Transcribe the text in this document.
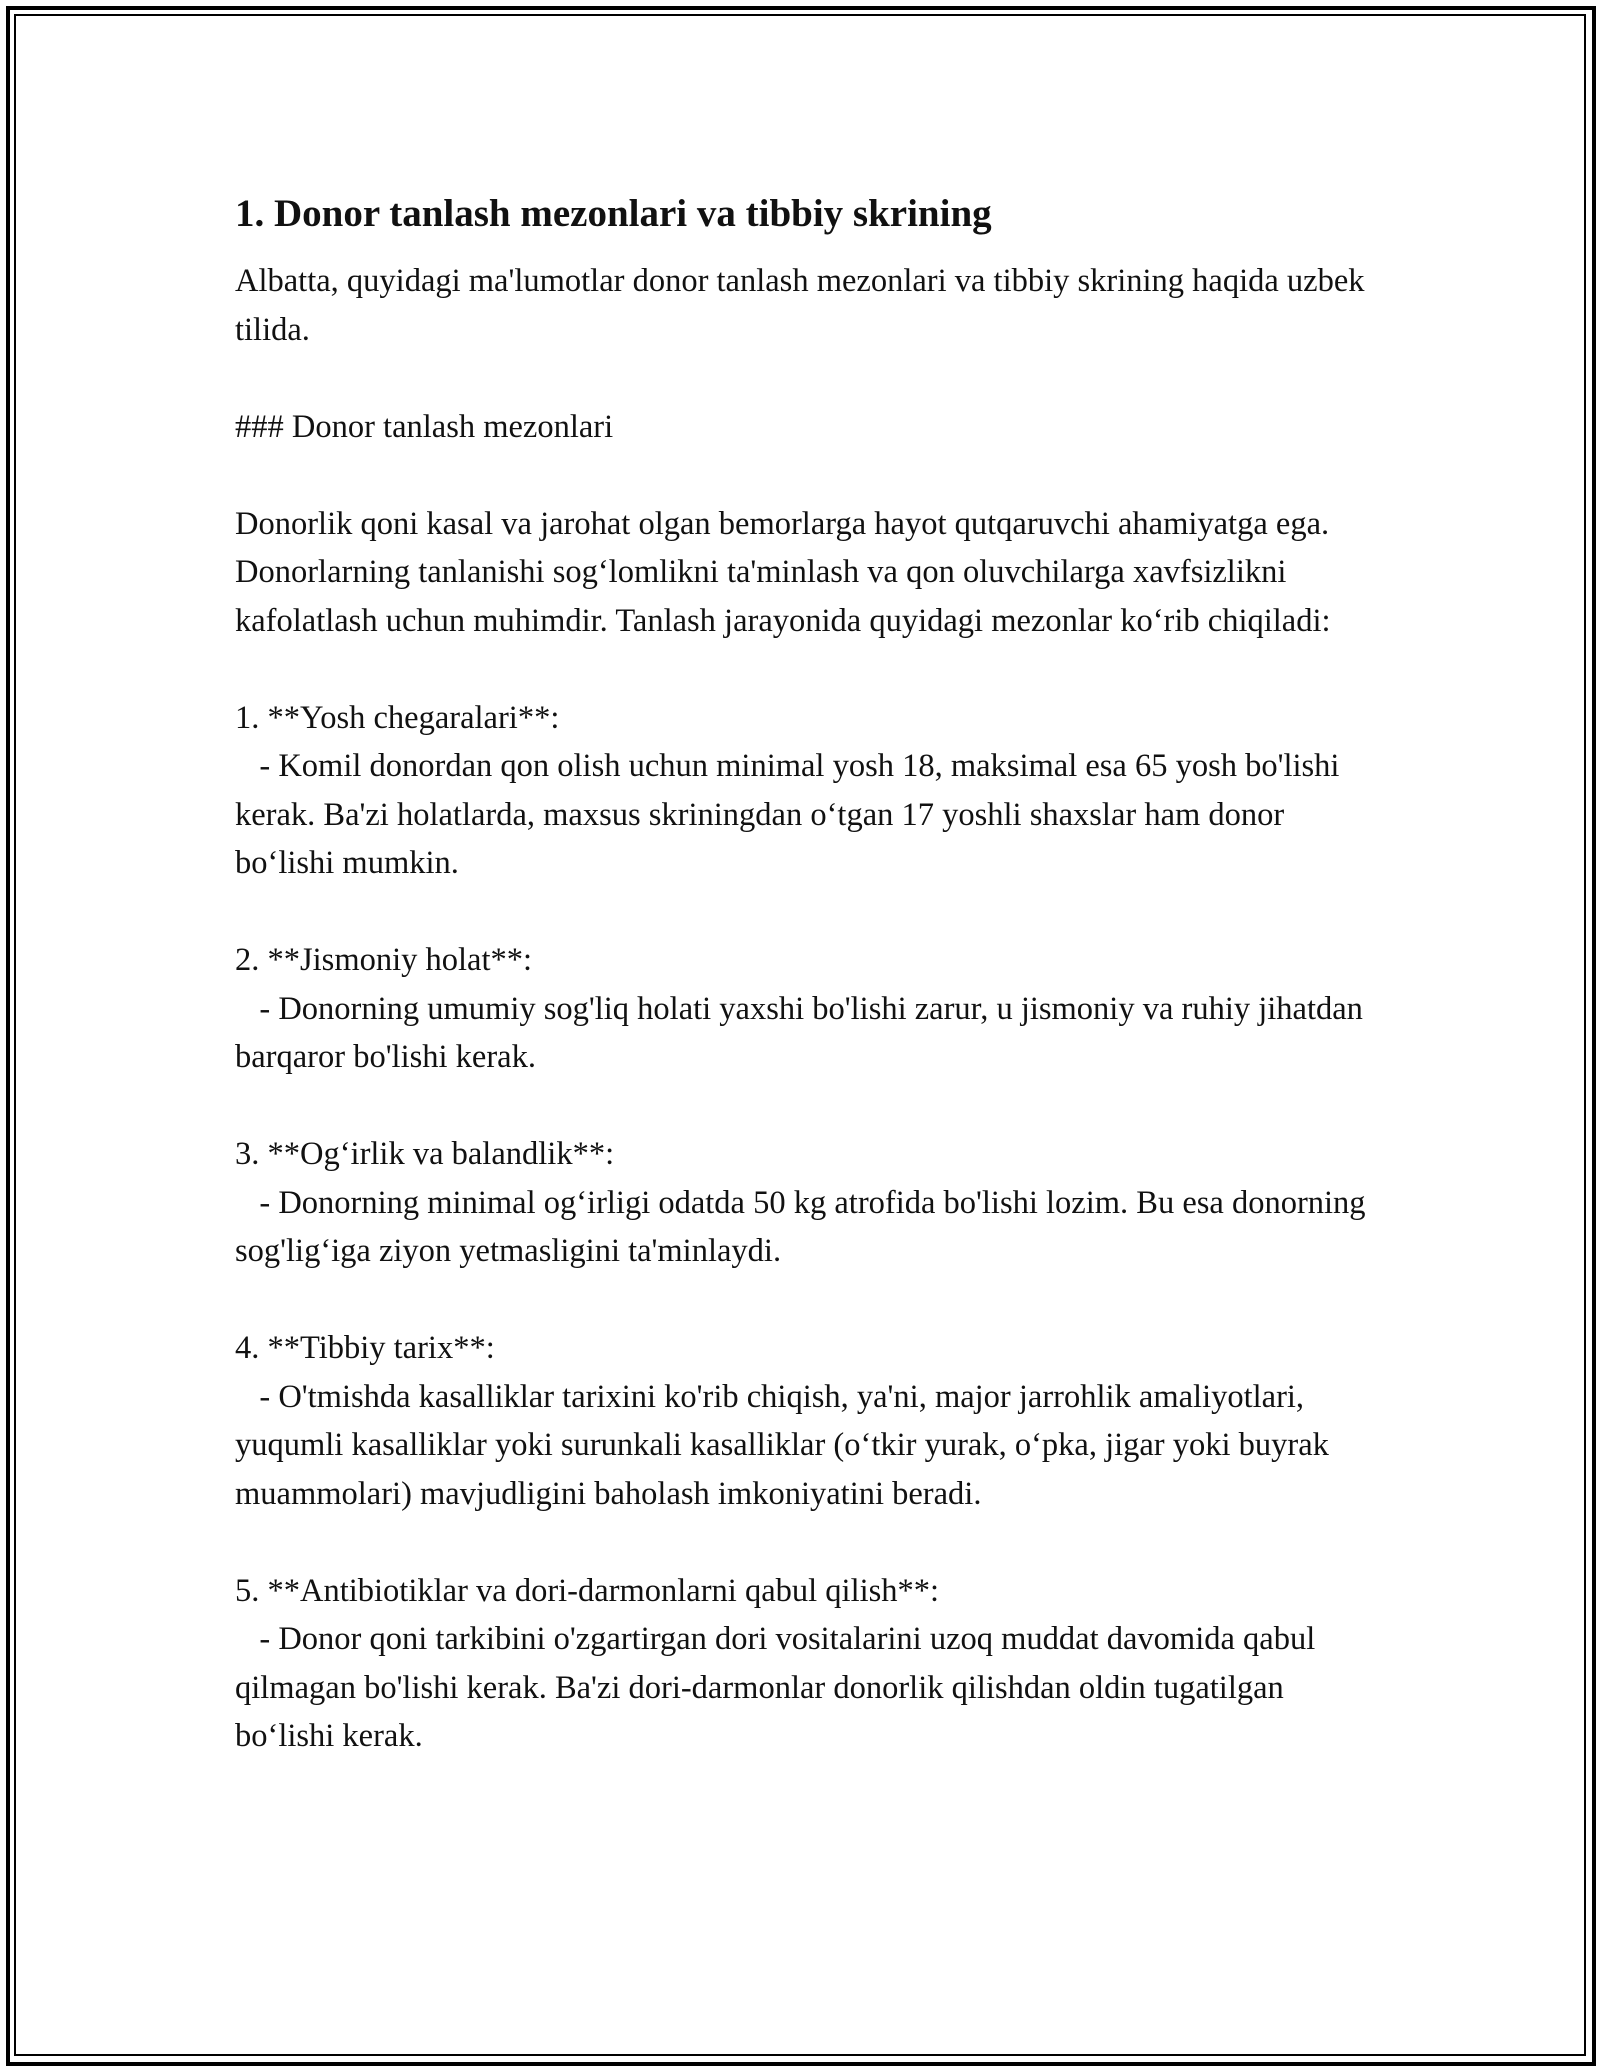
1. Donor tanlash mezonlari va tibbiy skrining

Albatta, quyidagi ma'lumotlar donor tanlash mezonlari va tibbiy skrining haqida uzbek tilida.

### Donor tanlash mezonlari

Donorlik qoni kasal va jarohat olgan bemorlarga hayot qutqaruvchi ahamiyatga ega. Donorlarning tanlanishi sog‘lomlikni ta'minlash va qon oluvchilarga xavfsizlikni kafolatlash uchun muhimdir. Tanlash jarayonida quyidagi mezonlar ko‘rib chiqiladi:

1. **Yosh chegaralari**:

- Komil donordan qon olish uchun minimal yosh 18, maksimal esa 65 yosh bo'lishi kerak. Ba'zi holatlarda, maxsus skriningdan o‘tgan 17 yoshli shaxslar ham donor bo‘lishi mumkin.

2. **Jismoniy holat**:

- Donorning umumiy sog'liq holati yaxshi bo'lishi zarur, u jismoniy va ruhiy jihatdan barqaror bo'lishi kerak.

3. **Og‘irlik va balandlik**:

- Donorning minimal og‘irligi odatda 50 kg atrofida bo'lishi lozim. Bu esa donorning sog'lig‘iga ziyon yetmasligini ta'minlaydi.

4. **Tibbiy tarix**:

- O'tmishda kasalliklar tarixini ko'rib chiqish, ya'ni, major jarrohlik amaliyotlari, yuqumli kasalliklar yoki surunkali kasalliklar (o‘tkir yurak, o‘pka, jigar yoki buyrak muammolari) mavjudligini baholash imkoniyatini beradi.

5. **Antibiotiklar va dori-darmonlarni qabul qilish**:

- Donor qoni tarkibini o'zgartirgan dori vositalarini uzoq muddat davomida qabul qilmagan bo'lishi kerak. Ba'zi dori-darmonlar donorlik qilishdan oldin tugatilgan bo‘lishi kerak.
